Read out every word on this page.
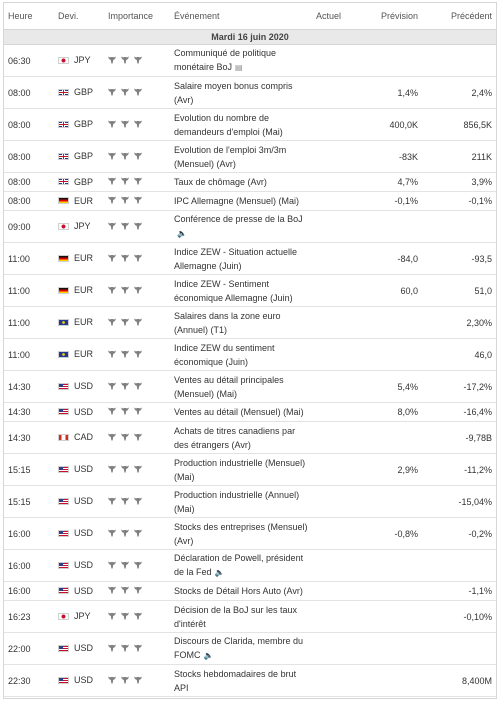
Heure	Devi.	Importance	Événement	Actuel	Prévision	Précédent
Mardi 16 juin 2020						
06:30	JPY		Communiqué de politique monétaire BoJ ▤			
08:00	GBP		Salaire moyen bonus compris (Avr)		1,4%	2,4%
08:00	GBP		Evolution du nombre de demandeurs d'emploi (Mai)		400,0K	856,5K
08:00	GBP		Evolution de l'emploi 3m/3m (Mensuel) (Avr)		-83K	211K
08:00	GBP		Taux de chômage (Avr)		4,7%	3,9%
08:00	EUR		IPC Allemagne (Mensuel) (Mai)		-0,1%	-0,1%
09:00	JPY		Conférence de presse de la BoJ🔈			
11:00	EUR		Indice ZEW - Situation actuelle Allemagne (Juin)		-84,0	-93,5
11:00	EUR		Indice ZEW - Sentiment économique Allemagne (Juin)		60,0	51,0
11:00	EUR		Salaires dans la zone euro (Annuel) (T1)			2,30%
11:00	EUR		Indice ZEW du sentiment économique (Juin)			46,0
14:30	USD		Ventes au détail principales (Mensuel) (Mai)		5,4%	-17,2%
14:30	USD		Ventes au détail (Mensuel) (Mai)		8,0%	-16,4%
14:30	CAD		Achats de titres canadiens par des étrangers (Avr)			-9,78B
15:15	USD		Production industrielle (Mensuel) (Mai)		2,9%	-11,2%
15:15	USD		Production industrielle (Annuel) (Mai)			-15,04%
16:00	USD		Stocks des entreprises (Mensuel) (Avr)		-0,8%	-0,2%
16:00	USD		Déclaration de Powell, président de la Fed 🔈			
16:00	USD		Stocks de Détail Hors Auto (Avr)			-1,1%
16:23	JPY		Décision de la BoJ sur les taux d'intérêt			-0,10%
22:00	USD		Discours de Clarida, membre du FOMC 🔈			
22:30	USD		Stocks hebdomadaires de brut API			8,400M
